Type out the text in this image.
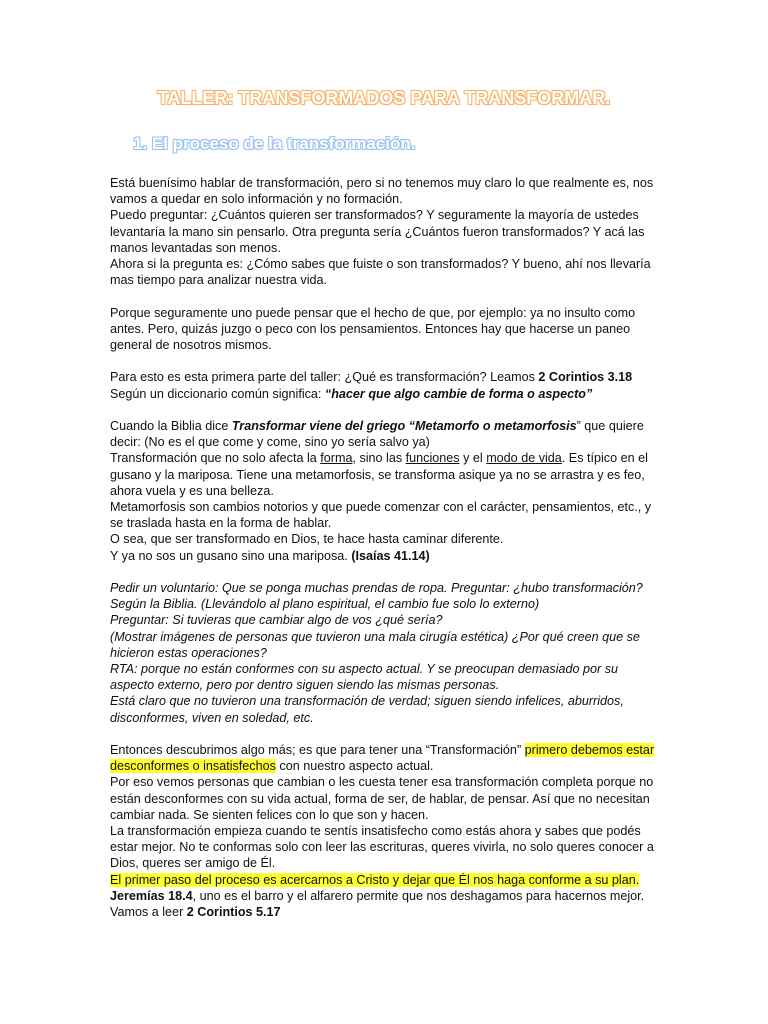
TALLER: TRANSFORMADOS PARA TRANSFORMAR.
1. El proceso de la transformación.

Está buenísimo hablar de transformación, pero si no tenemos muy claro lo que realmente es, nos vamos a quedar en solo información y no formación.

Puedo preguntar: ¿Cuántos quieren ser transformados? Y seguramente la mayoría de ustedes levantaría la mano sin pensarlo. Otra pregunta sería ¿Cuántos fueron transformados? Y acá las manos levantadas son menos.

Ahora si la pregunta es: ¿Cómo sabes que fuiste o son transformados? Y bueno, ahí nos llevaría mas tiempo para analizar nuestra vida.

Porque seguramente uno puede pensar que el hecho de que, por ejemplo: ya no insulto como antes. Pero, quizás juzgo o peco con los pensamientos. Entonces hay que hacerse un paneo general de nosotros mismos.

Para esto es esta primera parte del taller: ¿Qué es transformación? Leamos 2 Corintios 3.18

Según un diccionario común significa: “hacer que algo cambie de forma o aspecto”

Cuando la Biblia dice Transformar viene del griego “Metamorfo o metamorfosis” que quiere decir: (No es el que come y come, sino yo sería salvo ya)

Transformación que no solo afecta la forma, sino las funciones y el modo de vida. Es típico en el gusano y la mariposa. Tiene una metamorfosis, se transforma asique ya no se arrastra y es feo, ahora vuela y es una belleza.

Metamorfosis son cambios notorios y que puede comenzar con el carácter, pensamientos, etc., y se traslada hasta en la forma de hablar.

O sea, que ser transformado en Dios, te hace hasta caminar diferente.

Y ya no sos un gusano sino una mariposa. (Isaías 41.14)

Pedir un voluntario: Que se ponga muchas prendas de ropa. Preguntar: ¿hubo transformación? Según la Biblia. (Llevándolo al plano espiritual, el cambio fue solo lo externo)

Preguntar: Si tuvieras que cambiar algo de vos ¿qué sería?

(Mostrar imágenes de personas que tuvieron una mala cirugía estética) ¿Por qué creen que se hicieron estas operaciones?

RTA: porque no están conformes con su aspecto actual. Y se preocupan demasiado por su aspecto externo, pero por dentro siguen siendo las mismas personas.

Está claro que no tuvieron una transformación de verdad; siguen siendo infelices, aburridos, disconformes, viven en soledad, etc.

Entonces descubrimos algo más; es que para tener una “Transformación” primero debemos estar desconformes o insatisfechos con nuestro aspecto actual.

Por eso vemos personas que cambian o les cuesta tener esa transformación completa porque no están desconformes con su vida actual, forma de ser, de hablar, de pensar. Así que no necesitan cambiar nada. Se sienten felices con lo que son y hacen.

La transformación empieza cuando te sentís insatisfecho como estás ahora y sabes que podés estar mejor. No te conformas solo con leer las escrituras, queres vivirla, no solo queres conocer a Dios, queres ser amigo de Él.

El primer paso del proceso es acercarnos a Cristo y dejar que Él nos haga conforme a su plan.

Jeremías 18.4, uno es el barro y el alfarero permite que nos deshagamos para hacernos mejor.

Vamos a leer 2 Corintios 5.17
